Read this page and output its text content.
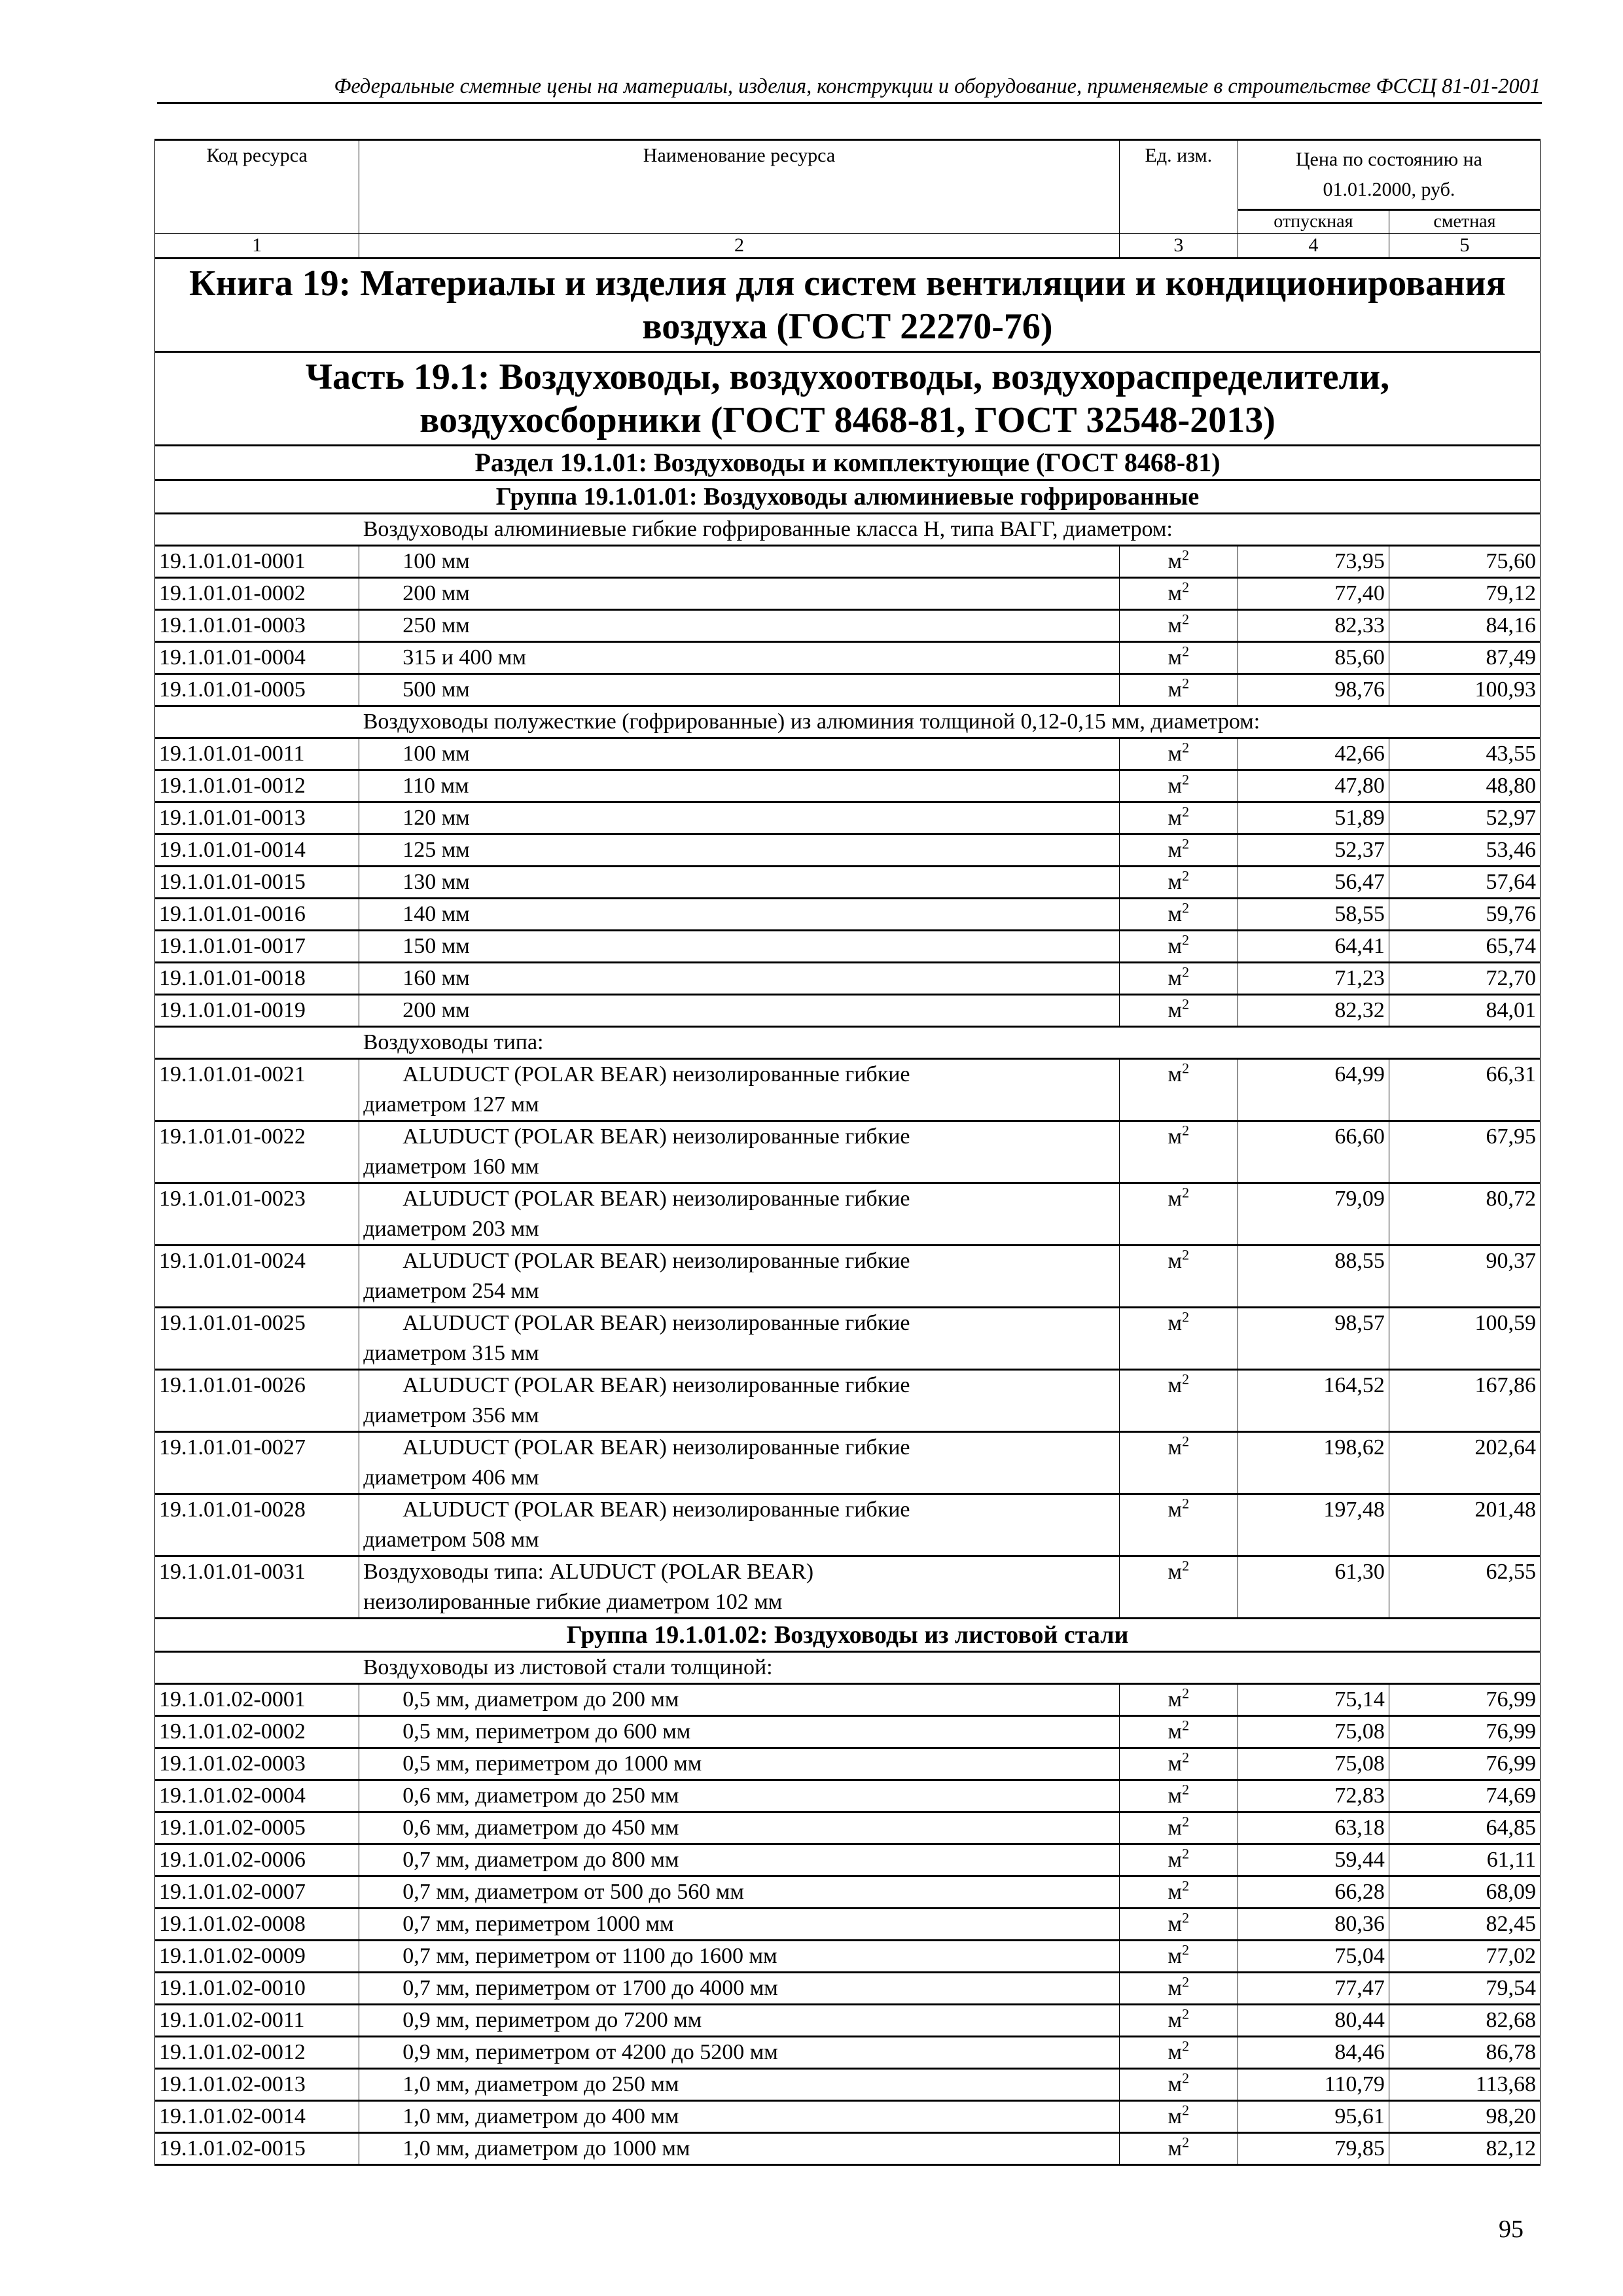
Федеральные сметные цены на материалы, изделия, конструкции и оборудование, применяемые в строительстве ФССЦ 81-01-2001
Код ресурса	Наименование ресурса	Ед. изм.	Цена по состоянию на 01.01.2000, руб.	
			отпускная	сметная
1	2	3	4	5
Книга 19: Материалы и изделия для систем вентиляции и кондиционирования воздуха (ГОСТ 22270-76)				
Часть 19.1: Воздуховоды, воздухоотводы, воздухораспределители, воздухосборники (ГОСТ 8468-81, ГОСТ 32548-2013)				
Раздел 19.1.01: Воздуховоды и комплектующие (ГОСТ 8468-81)				
Группа 19.1.01.01: Воздуховоды алюминиевые гофрированные				
	Воздуховоды алюминиевые гибкие гофрированные класса Н, типа ВАГГ, диаметром:			
19.1.01.01-0001	100 мм	$м^2$	73,95	75,60
19.1.01.01-0002	200 мм	$м^2$	77,40	79,12
19.1.01.01-0003	250 мм	$м^2$	82,33	84,16
19.1.01.01-0004	315 и 400 мм	$м^2$	85,60	87,49
19.1.01.01-0005	500 мм	$м^2$	98,76	100,93
	Воздуховоды полужесткие (гофрированные) из алюминия толщиной 0,12-0,15 мм, диаметром:			
19.1.01.01-0011	100 мм	$м^2$	42,66	43,55
19.1.01.01-0012	110 мм	$м^2$	47,80	48,80
19.1.01.01-0013	120 мм	$м^2$	51,89	52,97
19.1.01.01-0014	125 мм	$м^2$	52,37	53,46
19.1.01.01-0015	130 мм	$м^2$	56,47	57,64
19.1.01.01-0016	140 мм	$м^2$	58,55	59,76
19.1.01.01-0017	150 мм	$м^2$	64,41	65,74
19.1.01.01-0018	160 мм	$м^2$	71,23	72,70
19.1.01.01-0019	200 мм	$м^2$	82,32	84,01
	Воздуховоды типа:			
19.1.01.01-0021	ALUDUCT (POLAR BEAR) неизолированные гибкие
диаметром 127 мм	$м^2$	64,99	66,31
19.1.01.01-0022	ALUDUCT (POLAR BEAR) неизолированные гибкие
диаметром 160 мм	$м^2$	66,60	67,95
19.1.01.01-0023	ALUDUCT (POLAR BEAR) неизолированные гибкие
диаметром 203 мм	$м^2$	79,09	80,72
19.1.01.01-0024	ALUDUCT (POLAR BEAR) неизолированные гибкие
диаметром 254 мм	$м^2$	88,55	90,37
19.1.01.01-0025	ALUDUCT (POLAR BEAR) неизолированные гибкие
диаметром 315 мм	$м^2$	98,57	100,59
19.1.01.01-0026	ALUDUCT (POLAR BEAR) неизолированные гибкие
диаметром 356 мм	$м^2$	164,52	167,86
19.1.01.01-0027	ALUDUCT (POLAR BEAR) неизолированные гибкие
диаметром 406 мм	$м^2$	198,62	202,64
19.1.01.01-0028	ALUDUCT (POLAR BEAR) неизолированные гибкие
диаметром 508 мм	$м^2$	197,48	201,48
19.1.01.01-0031	Воздуховоды типа: ALUDUCT (POLAR BEAR)
неизолированные гибкие диаметром 102 мм	$м^2$	61,30	62,55
Группа 19.1.01.02: Воздуховоды из листовой стали				
	Воздуховоды из листовой стали толщиной:			
19.1.01.02-0001	0,5 мм, диаметром до 200 мм	$м^2$	75,14	76,99
19.1.01.02-0002	0,5 мм, периметром до 600 мм	$м^2$	75,08	76,99
19.1.01.02-0003	0,5 мм, периметром до 1000 мм	$м^2$	75,08	76,99
19.1.01.02-0004	0,6 мм, диаметром до 250 мм	$м^2$	72,83	74,69
19.1.01.02-0005	0,6 мм, диаметром до 450 мм	$м^2$	63,18	64,85
19.1.01.02-0006	0,7 мм, диаметром до 800 мм	$м^2$	59,44	61,11
19.1.01.02-0007	0,7 мм, диаметром от 500 до 560 мм	$м^2$	66,28	68,09
19.1.01.02-0008	0,7 мм, периметром 1000 мм	$м^2$	80,36	82,45
19.1.01.02-0009	0,7 мм, периметром от 1100 до 1600 мм	$м^2$	75,04	77,02
19.1.01.02-0010	0,7 мм, периметром от 1700 до 4000 мм	$м^2$	77,47	79,54
19.1.01.02-0011	0,9 мм, периметром до 7200 мм	$м^2$	80,44	82,68
19.1.01.02-0012	0,9 мм, периметром от 4200 до 5200 мм	$м^2$	84,46	86,78
19.1.01.02-0013	1,0 мм, диаметром до 250 мм	$м^2$	110,79	113,68
19.1.01.02-0014	1,0 мм, диаметром до 400 мм	$м^2$	95,61	98,20
19.1.01.02-0015	1,0 мм, диаметром до 1000 мм	$м^2$	79,85	82,12
95
